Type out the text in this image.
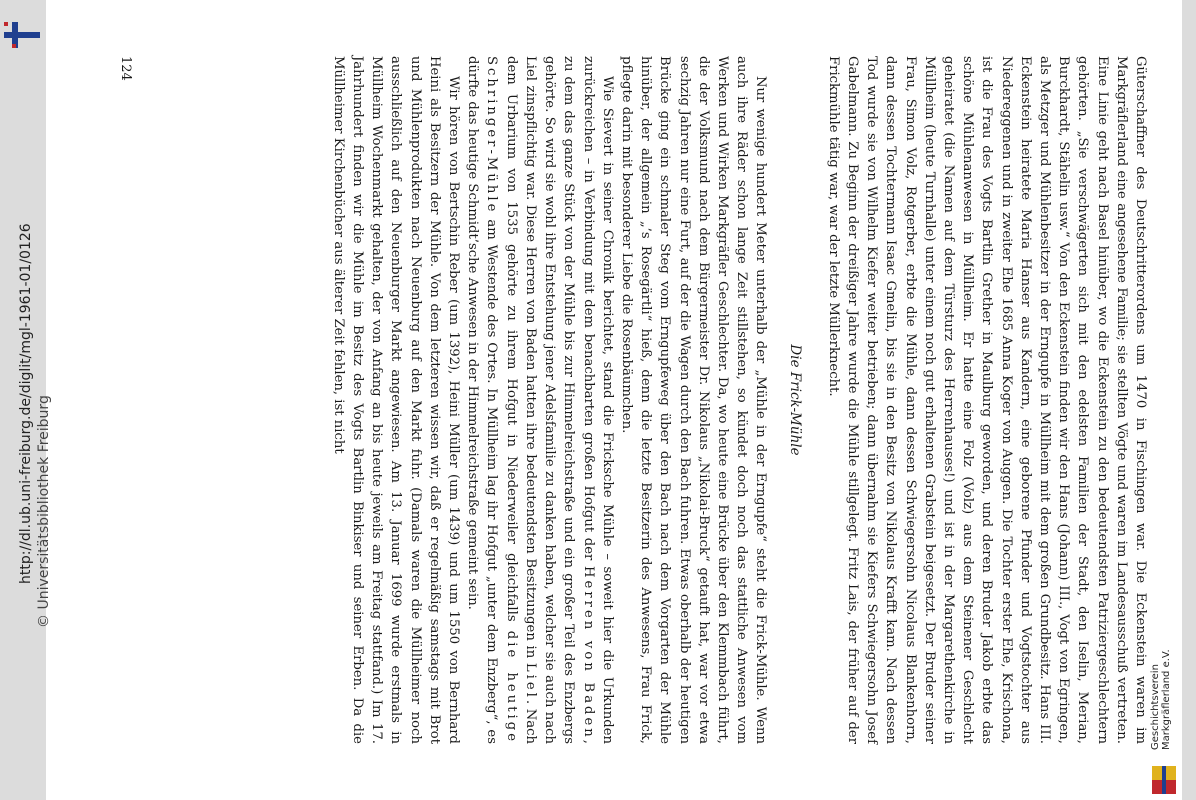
http://dl.ub.uni-freiburg.de/diglit/mgl-1961-01/0126 © Universitätsbibliothek Freiburg	Güterschaffner des Deutschritterordens um 1470 in Fischingen war. Die Eckenstein waren im Markgräflerland eine angesehene Familie; sie stellten Vögte und waren im Landesausschuß vertreten. Eine Linie geht nach Basel hinüber, wo die Eckenstein zu den bedeutendsten Patriziergeschlechtern gehörten. „Sie verschwägerten sich mit den edelsten Familien der Stadt, den Iselin, Merian, Burckhardt, Stähelin usw.“ Von den Eckenstein finden wir den Hans (Johann) III., Vogt von Egringen, als Metzger und Mühlenbesitzer in der Erngupfe in Müllheim mit dem großen Grundbesitz. Hans III. Eckenstein heiratete Maria Hanser aus Kandern, eine geborene Pfunder und Vogtstochter aus Niedereggenen und in zweiter Ehe 1685 Anna Koger von Auggen. Die Tochter erster Ehe, Krischona, ist die Frau des Vogts Bartlin Grether in Maulburg geworden, und deren Bruder Jakob erbte das schöne Mühlenanwesen in Müllheim. Er hatte eine Folz (Volz) aus dem Steinener Geschlecht geheiratet (die Namen auf dem Türsturz des Herrenhauses!) und ist in der Margarethenkirche in Müllheim (heute Turnhalle) unter einem noch gut erhaltenen Grabstein beigesetzt. Der Bruder seiner Frau, Simon Volz, Rotgerber, erbte die Mühle, dann dessen Schwiegersohn Nicolaus Blankenhorn, dann dessen Tochtermann Isaac Gmelin, bis sie in den Besitz von Nikolaus Krafft kam. Nach dessen Tod wurde sie von Wilhelm Kiefer weiter betrieben; dann übernahm sie Kiefers Schwiegersohn Josef Gabelmann. Zu Beginn der dreißiger Jahre wurde die Mühle stillgelegt. Fritz Lais, der früher auf der Frickmühle tätig war, war der letzte Müllerknecht.

Die Frick-Mühle

Nur wenige hundert Meter unterhalb der „Mühle in der Erngupfe“ steht die Frick-Mühle. Wenn auch ihre Räder schon lange Zeit stillstehen, so kündet doch noch das stattliche Anwesen vom Werken und Wirken Markgräfler Geschlechter. Da, wo heute eine Brücke über den Klemmbach führt, die der Volksmund nach dem Bürgermeister Dr. Nikolaus „Nikolai-Bruck“ getauft hat, war vor etwa sechzig Jahren nur eine Furt, auf der die Wagen durch den Bach fuhren. Etwas oberhalb der heutigen Brücke ging ein schmaler Steg vom Erngupfeweg über den Bach nach dem Vorgarten der Mühle hinüber, der allgemein „’s Rosegärtli“ hieß, denn die letzte Besitzerin des Anwesens, Frau Frick, pflegte darin mit besonderer Liebe die Rosenbäumchen.

Wie Sievert in seiner Chronik berichtet, stand die Fricksche Mühle – soweit hier die Urkunden zurückreichen – in Verbindung mit dem benachbarten großen Hofgut der Herren von Baden, zu dem das ganze Stück von der Mühle bis zur Himmelreichstraße und ein großer Teil des Enzbergs gehörte. So wird sie wohl ihre Entstehung jener Adelsfamilie zu danken haben, welcher sie auch nach Liel zinspflichtig war. Diese Herren von Baden hatten ihre bedeutendsten Besitzungen in Liel. Nach dem Urbarium von 1535 gehörte zu ihrem Hofgut in Niederweiler gleichfalls die heutige Schringer-Mühle am Westende des Ortes. In Müllheim lag ihr Hofgut „unter dem Enzberg“, es dürfte das heutige Schmidt’sche Anwesen in der Himmelreichstraße gemeint sein.

Wir hören von Bertschin Reber (um 1392), Heini Müller (um 1439) und um 1550 von Bernhard Heini als Besitzern der Mühle. Von dem letzteren wissen wir, daß er regelmäßig samstags mit Brot und Mühlenprodukten nach Neuenburg auf den Markt fuhr. (Damals waren die Müllheimer noch ausschließlich auf den Neuenburger Markt angewiesen. Am 13. Januar 1699 wurde erstmals in Müllheim Wochenmarkt gehalten, der von Anfang an bis heute jeweils am Freitag stattfand.) Im 17. Jahrhundert finden wir die Mühle im Besitz des Vogts Bartlin Binkiser und seiner Erben. Da die Müllheimer Kirchenbücher aus älterer Zeit fehlen, ist nicht

124
Geschichtsverein Markgräflerland e.V.
